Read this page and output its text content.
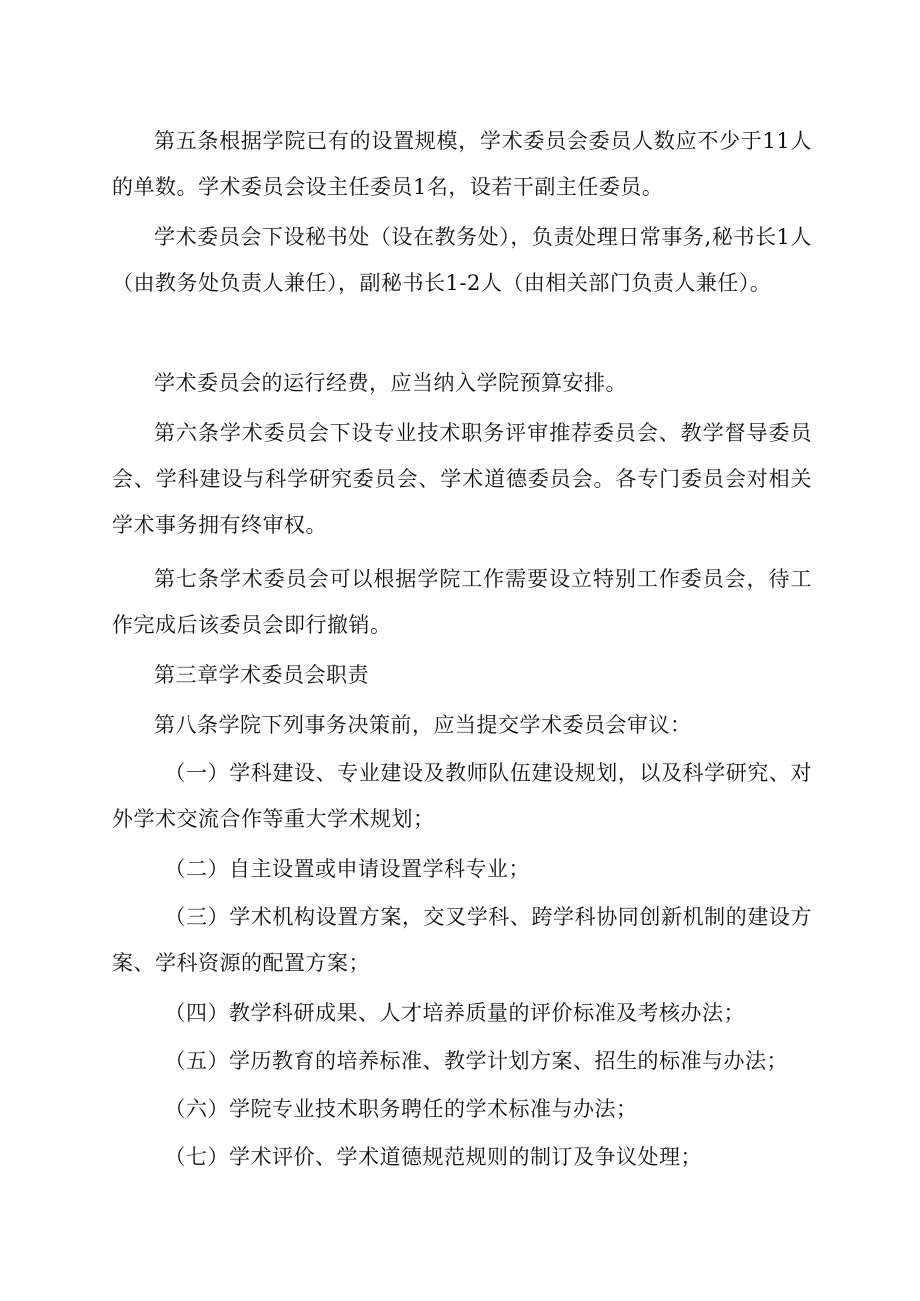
第五条根据学院已有的设置规模，学术委员会委员人数应不少于11人的单数。学术委员会设主任委员1名，设若干副主任委员。

学术委员会下设秘书处（设在教务处），负责处理日常事务,秘书长1人（由教务处负责人兼任），副秘书长1-2人（由相关部门负责人兼任）。

学术委员会的运行经费，应当纳入学院预算安排。

第六条学术委员会下设专业技术职务评审推荐委员会、教学督导委员会、学科建设与科学研究委员会、学术道德委员会。各专门委员会对相关学术事务拥有终审权。

第七条学术委员会可以根据学院工作需要设立特别工作委员会，待工作完成后该委员会即行撤销。

第三章学术委员会职责

第八条学院下列事务决策前，应当提交学术委员会审议：

（一）学科建设、专业建设及教师队伍建设规划，以及科学研究、对外学术交流合作等重大学术规划；

（二）自主设置或申请设置学科专业；

（三）学术机构设置方案，交叉学科、跨学科协同创新机制的建设方案、学科资源的配置方案；

（四）教学科研成果、人才培养质量的评价标准及考核办法；

（五）学历教育的培养标准、教学计划方案、招生的标准与办法；

（六）学院专业技术职务聘任的学术标准与办法；

（七）学术评价、学术道德规范规则的制订及争议处理；
